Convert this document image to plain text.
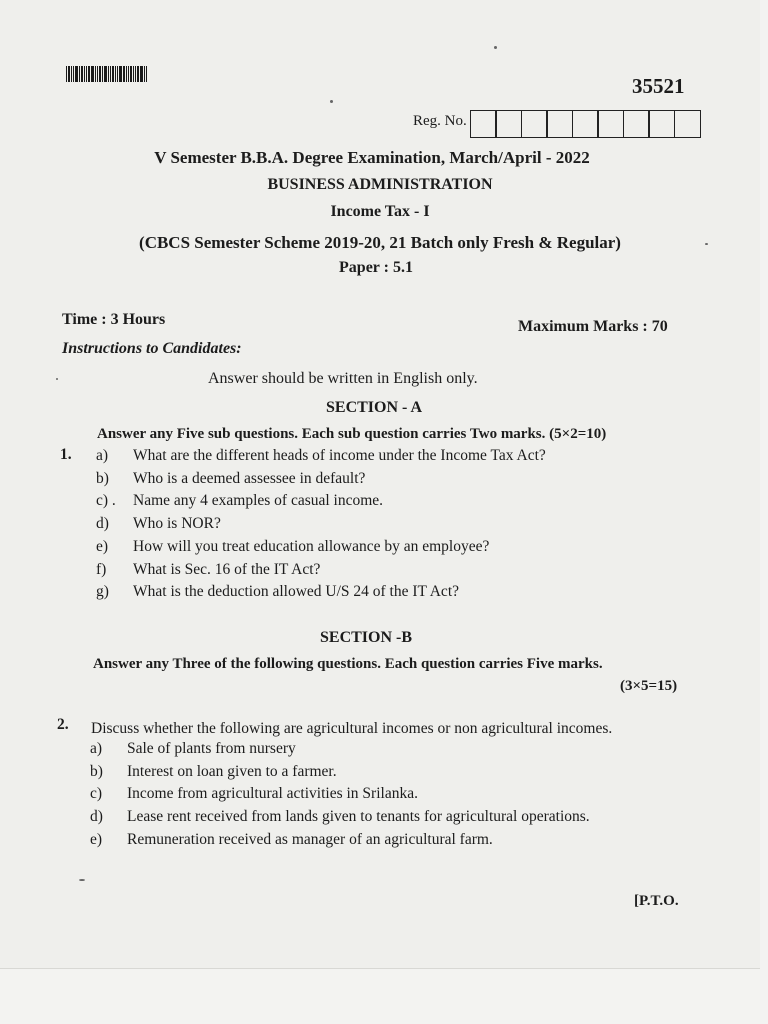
35521
Reg. No.
V Semester B.B.A. Degree Examination, March/April - 2022
BUSINESS ADMINISTRATION
Income Tax - I
(CBCS Semester Scheme 2019-20, 21 Batch only Fresh & Regular)
Paper : 5.1
Time : 3 Hours	Maximum Marks : 70
Instructions to Candidates:
Answer should be written in English only.
SECTION - A
Answer any Five sub questions. Each sub question carries Two marks. (5×2=10)
1. a) What are the different heads of income under the Income Tax Act?
b) Who is a deemed assessee in default?
c) . Name any 4 examples of casual income.
d) Who is NOR?
e) How will you treat education allowance by an employee?
f) What is Sec. 16 of the IT Act?
g) What is the deduction allowed U/S 24 of the IT Act?
SECTION -B
Answer any Three of the following questions. Each question carries Five marks.
(3×5=15)
2. Discuss whether the following are agricultural incomes or non agricultural incomes.
a) Sale of plants from nursery
b) Interest on loan given to a farmer.
c) Income from agricultural activities in Srilanka.
d) Lease rent received from lands given to tenants for agricultural operations.
e) Remuneration received as manager of an agricultural farm.
[P.T.O.
